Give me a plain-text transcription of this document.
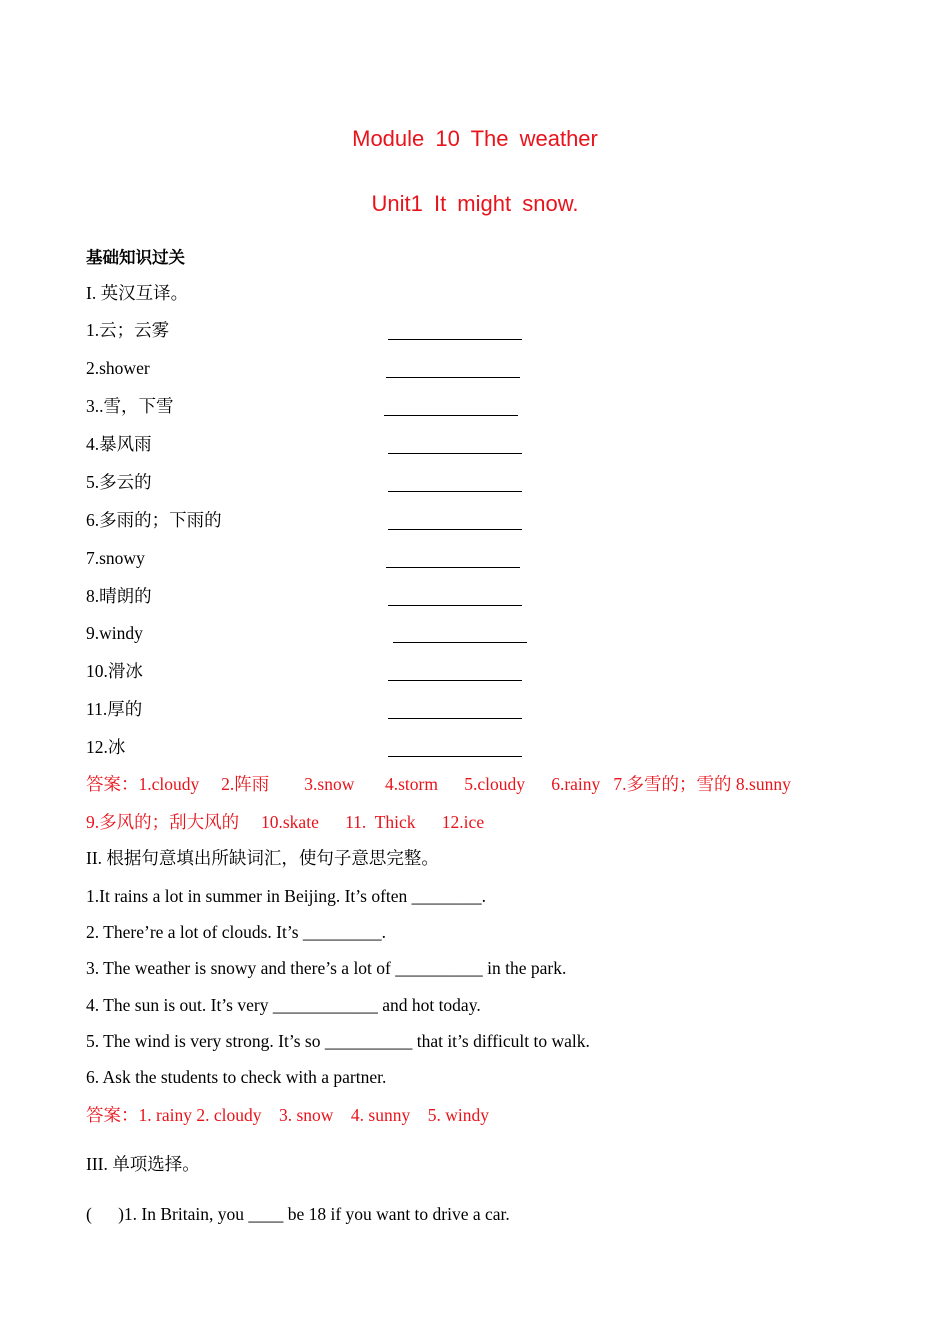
Module 10 The weather
Unit1 It might snow.
基础知识过关
I. 英汉互译。
1.云；云雾
2.shower
3..雪，下雪
4.暴风雨
5.多云的
6.多雨的；下雨的
7.snowy
8.晴朗的
9.windy
10.滑冰
11.厚的
12.冰
答案：1.cloudy     2.阵雨        3.snow       4.storm      5.cloudy      6.rainy   7.多雪的；雪的 8.sunny
9.多风的；刮大风的     10.skate      11.  Thick      12.ice
II. 根据句意填出所缺词汇，使句子意思完整。
1.It rains a lot in summer in Beijing. It’s often ________.
2. There’re a lot of clouds. It’s _________.
3. The weather is snowy and there’s a lot of __________ in the park.
4. The sun is out. It’s very ____________ and hot today.
5. The wind is very strong. It’s so __________ that it’s difficult to walk.
6. Ask the students to check with a partner.
答案：1. rainy 2. cloudy    3. snow    4. sunny    5. windy
III. 单项选择。
(      )1. In Britain, you ____ be 18 if you want to drive a car.
